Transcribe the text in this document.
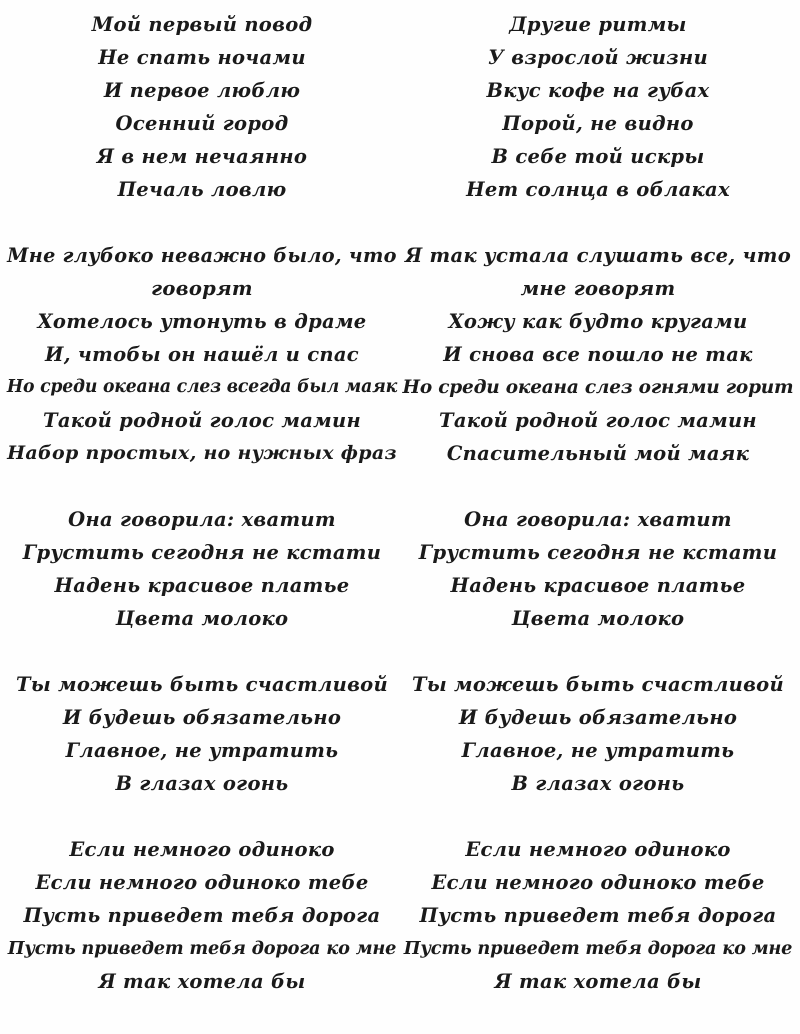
Мой первый повод
Не спать ночами
И первое люблю
Осенний город
Я в нем нечаянно
Печаль ловлю
Мне глубоко неважно было, что
говорят
Хотелось утонуть в драме
И, чтобы он нашёл и спас
Но среди океана слез всегда был маяк
Такой родной голос мамин
Набор простых, но нужных фраз
Она говорила: хватит
Грустить сегодня не кстати
Надень красивое платье
Цвета молоко
Ты можешь быть счастливой
И будешь обязательно
Главное, не утратить
В глазах огонь
Если немного одиноко
Если немного одиноко тебе
Пусть приведет тебя дорога
Пусть приведет тебя дорога ко мне
Я так хотела бы
Другие ритмы
У взрослой жизни
Вкус кофе на губах
Порой, не видно
В себе той искры
Нет солнца в облаках
Я так устала слушать все, что
мне говорят
Хожу как будто кругами
И снова все пошло не так
Но среди океана слез огнями горит
Такой родной голос мамин
Спасительный мой маяк
Она говорила: хватит
Грустить сегодня не кстати
Надень красивое платье
Цвета молоко
Ты можешь быть счастливой
И будешь обязательно
Главное, не утратить
В глазах огонь
Если немного одиноко
Если немного одиноко тебе
Пусть приведет тебя дорога
Пусть приведет тебя дорога ко мне
Я так хотела бы
